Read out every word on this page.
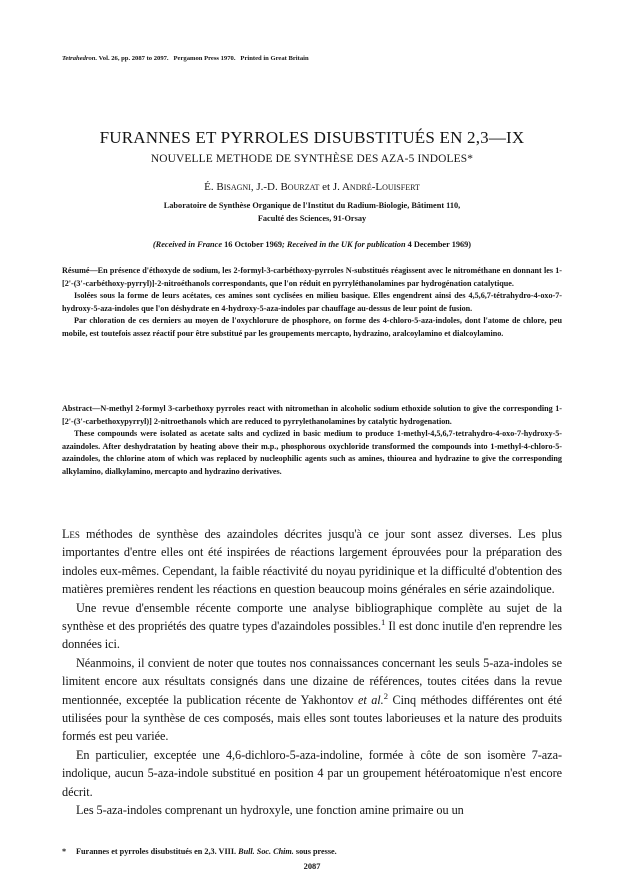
Tetrahedron. Vol. 26, pp. 2087 to 2097.   Pergamon Press 1970.   Printed in Great Britain
FURANNES ET PYRROLES DISUBSTITUÉS EN 2,3—IX
NOUVELLE METHODE DE SYNTHÈSE DES AZA-5 INDOLES*
É. Bisagni, J.-D. Bourzat et J. André-Louisfert
Laboratoire de Synthèse Organique de l'Institut du Radium-Biologie, Bâtiment 110,
Faculté des Sciences, 91-Orsay
(Received in France 16 October 1969; Received in the UK for publication 4 December 1969)

Résumé—En présence d'éthoxyde de sodium, les 2-formyl-3-carbéthoxy-pyrroles N-substitués réagissent avec le nitrométhane en donnant les 1-[2'-(3'-carbéthoxy-pyrryl)]-2-nitroéthanols correspondants, que l'on réduit en pyrryléthanolamines par hydrogénation catalytique.

Isolées sous la forme de leurs acétates, ces amines sont cyclisées en milieu basique. Elles engendrent ainsi des 4,5,6,7-tétrahydro-4-oxo-7-hydroxy-5-aza-indoles que l'on déshydrate en 4-hydroxy-5-aza-indoles par chauffage au-dessus de leur point de fusion.

Par chloration de ces derniers au moyen de l'oxychlorure de phosphore, on forme des 4-chloro-5-aza-indoles, dont l'atome de chlore, peu mobile, est toutefois assez réactif pour être substitué par les groupements mercapto, hydrazino, aralcoylamino et dialcoylamino.

Abstract—N-methyl 2-formyl 3-carbethoxy pyrroles react with nitromethan in alcoholic sodium ethoxide solution to give the corresponding 1-[2'-(3'-carbethoxypyrryl)] 2-nitroethanols which are reduced to pyrrylethanolamines by catalytic hydrogenation.

These compounds were isolated as acetate salts and cyclized in basic medium to produce 1-methyl-4,5,6,7-tetrahydro-4-oxo-7-hydroxy-5-azaindoles. After deshydratation by heating above their m.p., phosphorous oxychloride transformed the compounds into 1-methyl-4-chloro-5-azaindoles, the chlorine atom of which was replaced by nucleophilic agents such as amines, thiourea and hydrazine to give the corresponding alkylamino, dialkylamino, mercapto and hydrazino derivatives.

Les méthodes de synthèse des azaindoles décrites jusqu'à ce jour sont assez diverses. Les plus importantes d'entre elles ont été inspirées de réactions largement éprouvées pour la préparation des indoles eux-mêmes. Cependant, la faible réactivité du noyau pyridinique et la difficulté d'obtention des matières premières rendent les réactions en question beaucoup moins générales en série azaindolique.

Une revue d'ensemble récente comporte une analyse bibliographique complète au sujet de la synthèse et des propriétés des quatre types d'azaindoles possibles.$^1$ Il est donc inutile d'en reprendre les données ici.

Néanmoins, il convient de noter que toutes nos connaissances concernant les seuls 5-aza-indoles se limitent encore aux résultats consignés dans une dizaine de références, toutes citées dans la revue mentionnée, exceptée la publication récente de Yakhontov et al.$^2$ Cinq méthodes différentes ont été utilisées pour la synthèse de ces composés, mais elles sont toutes laborieuses et la nature des produits formés est peu variée.

En particulier, exceptée une 4,6-dichloro-5-aza-indoline, formée à côte de son isomère 7-aza-indolique, aucun 5-aza-indole substitué en position 4 par un groupement hétéroatomique n'est encore décrit.

Les 5-aza-indoles comprenant un hydroxyle, une fonction amine primaire ou un

* Furannes et pyrroles disubstitués en 2,3. VIII. Bull. Soc. Chim. sous presse.
2087
